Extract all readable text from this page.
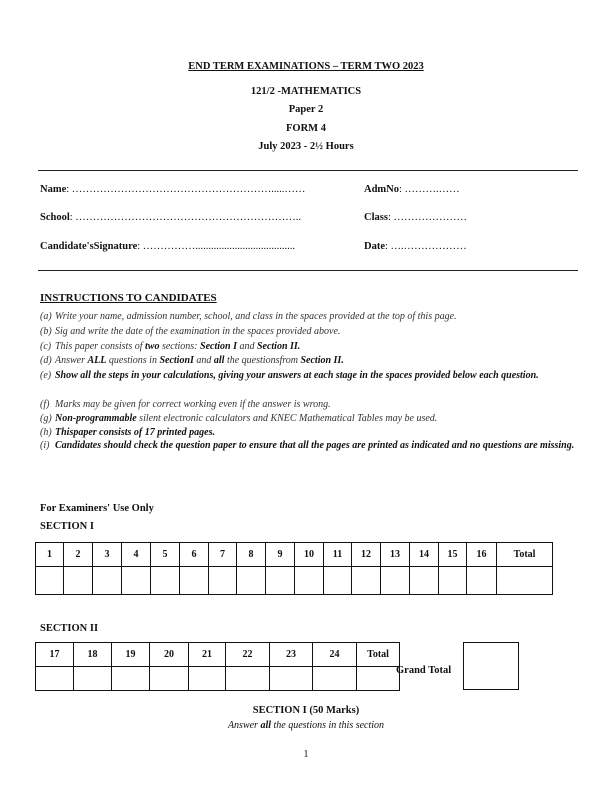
END TERM EXAMINATIONS – TERM TWO 2023
121/2 -MATHEMATICS
Paper 2
FORM 4
July 2023 - 2½ Hours
Name: ………………………………………………….....……	AdmNo: ……….……
School: ………………………………………………………..	Class: …………………
Candidate'sSignature: ……………......................................	Date: ….………………
INSTRUCTIONS TO CANDIDATES
(a) Write your name, admission number, school, and class in the spaces provided at the top of this page.
(b) Sig and write the date of the examination in the spaces provided above.
(c) This paper consists of two sections: Section I and Section II.
(d) Answer ALL questions in SectionI and all the questionsfrom Section II.
(e) Show all the steps in your calculations, giving your answers at each stage in the spaces provided below each question.
(f) Marks may be given for correct working even if the answer is wrong.
(g) Non-programmable silent electronic calculators and KNEC Mathematical Tables may be used.
(h) Thispaper consists of 17 printed pages.
(i) Candidates should check the question paper to ensure that all the pages are printed as indicated and no questions are missing.
For Examiners' Use Only
SECTION I
1	2	3	4	5	6	7	8	9	10	11	12	13	14	15	16	Total

SECTION II
17	18	19	20	21	22	23	24	Total

Grand Total
SECTION I (50 Marks)
Answer all the questions in this section
1
